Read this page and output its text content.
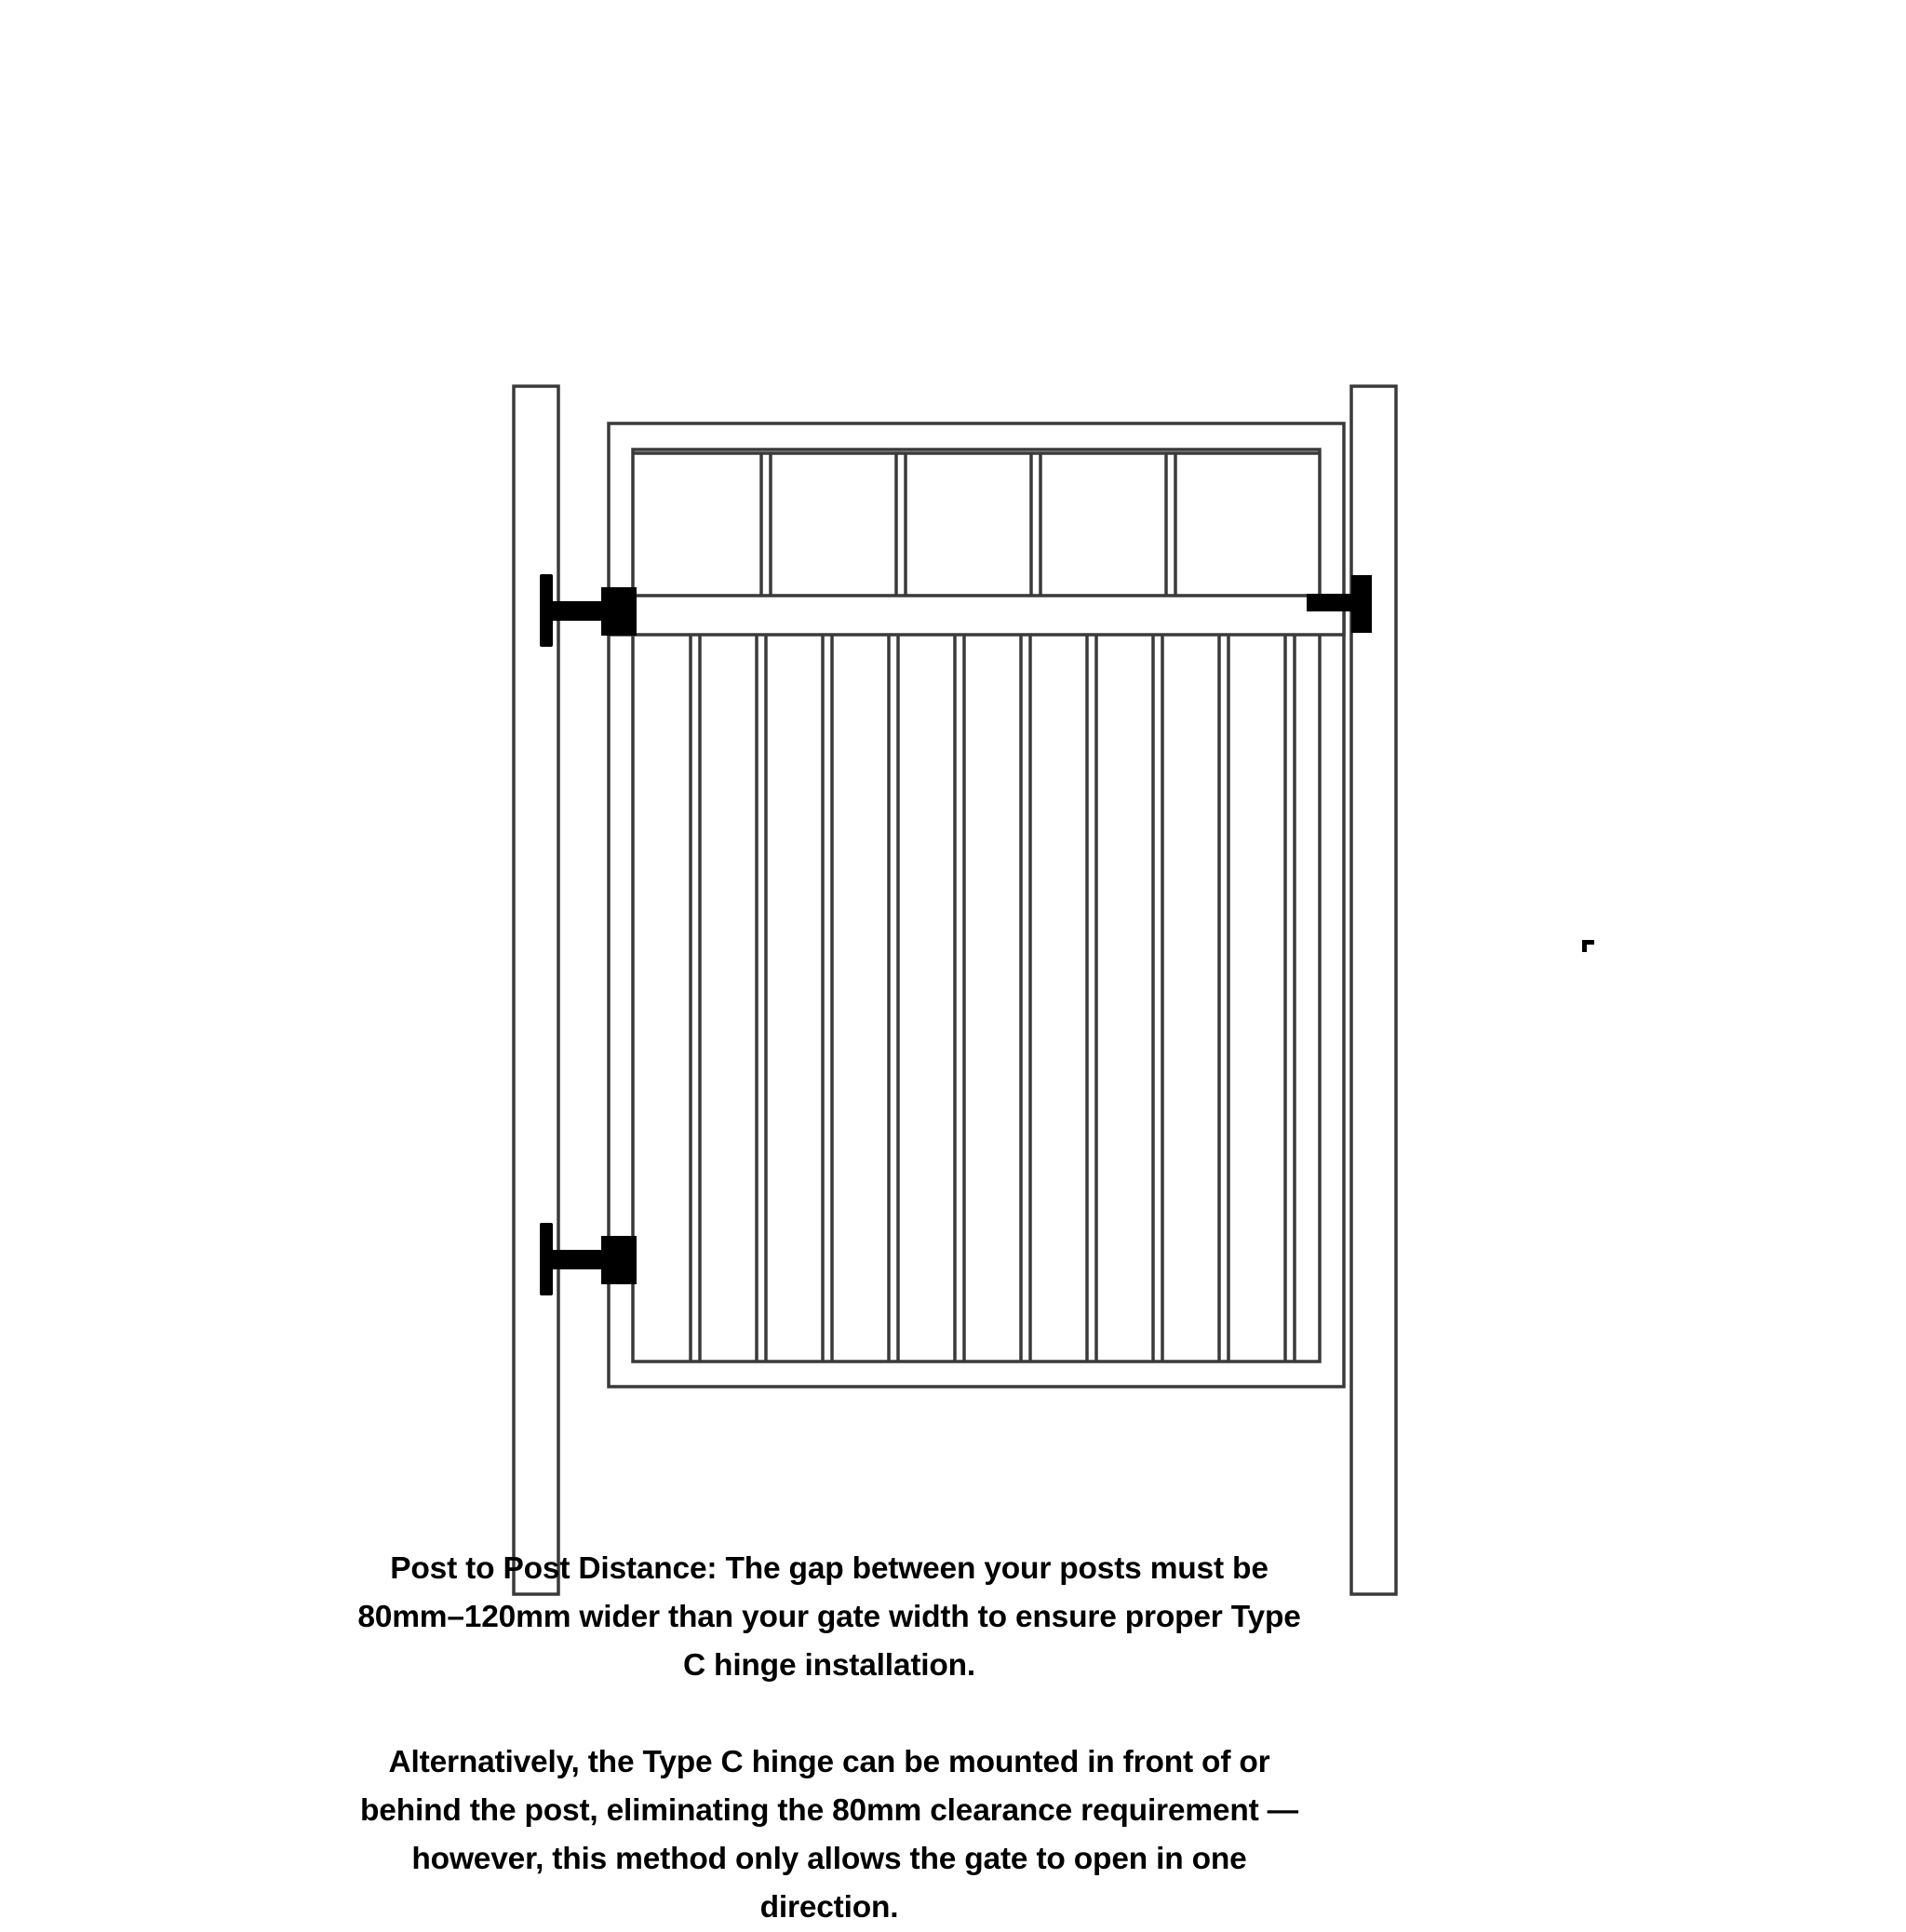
Post to Post Distance: The gap between your posts must be 80mm–120mm wider than your gate width to ensure proper Type C hinge installation.

Alternatively, the Type C hinge can be mounted in front of or behind the post, eliminating the 80mm clearance requirement — however, this method only allows the gate to open in one direction.
